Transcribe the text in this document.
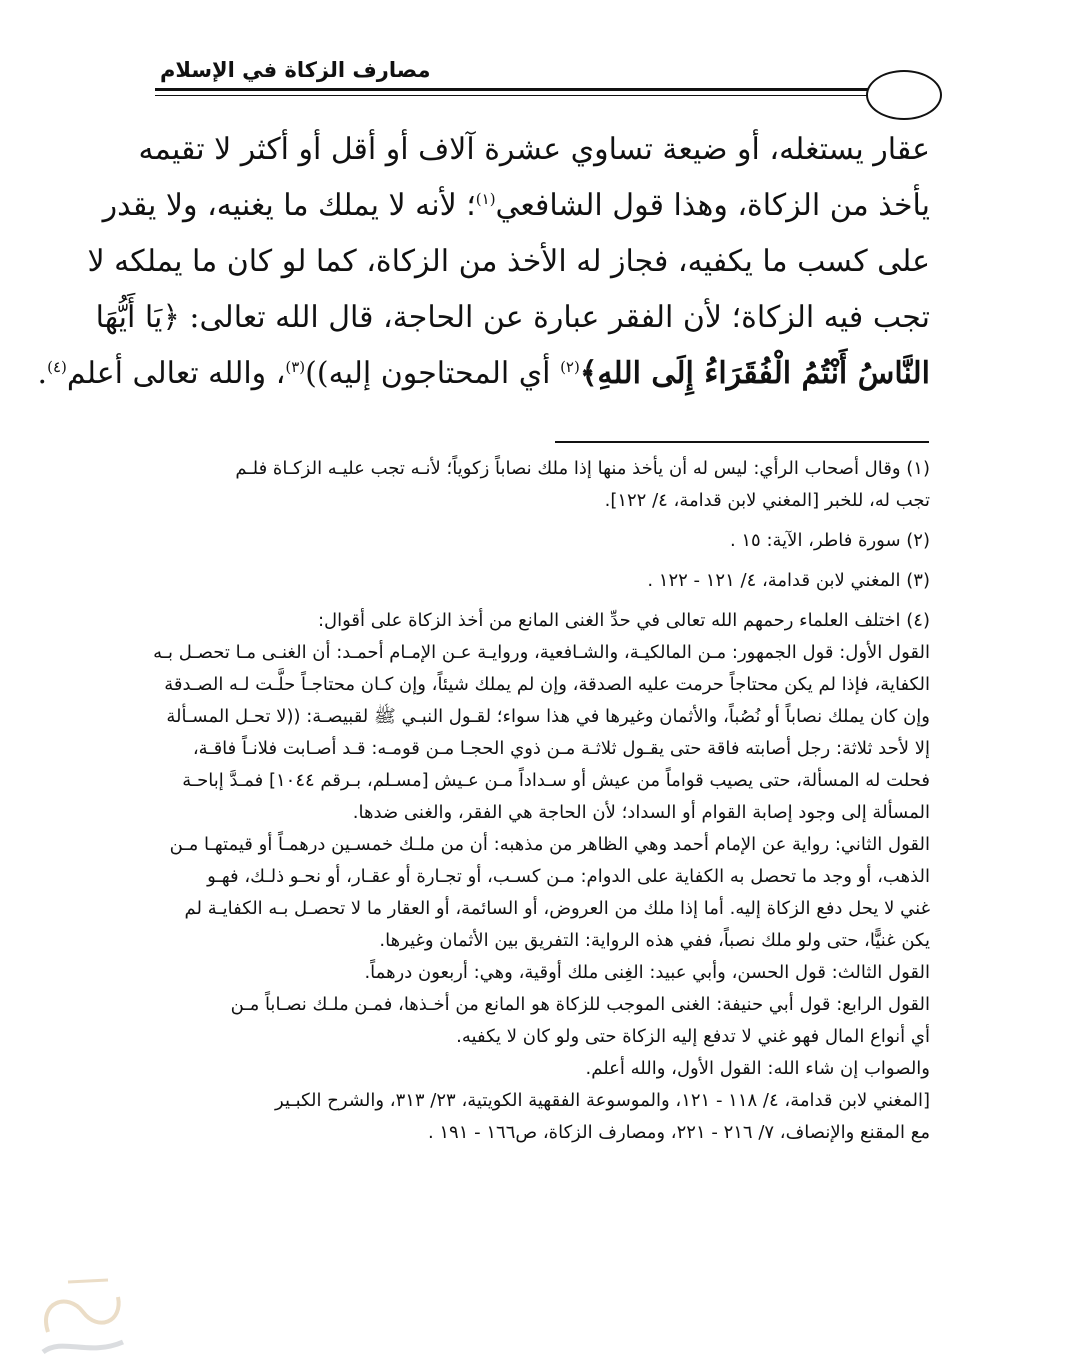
مصارف الزكاة في الإسلام
عقار يستغله، أو ضيعة تساوي عشرة آلاف أو أقل أو أكثر لا تقيمه
يأخذ من الزكاة، وهذا قول الشافعي$^{(١)}$؛ لأنه لا يملك ما يغنيه، ولا يقدر
على كسب ما يكفيه، فجاز له الأخذ من الزكاة، كما لو كان ما يملكه لا
تجب فيه الزكاة؛ لأن الفقر عبارة عن الحاجة، قال الله تعالى: ﴿يَا أَيُّهَا
النَّاسُ أَنْتُمُ الْفُقَرَاءُ إِلَى اللهِ﴾$^{(٢)}$ أي المحتاجون إليه))$^{(٣)}$، والله تعالى أعلم$^{(٤)}$.
(١) وقال أصحاب الرأي: ليس له أن يأخذ منها إذا ملك نصاباً زكوياً؛ لأنـه تجب عليـه الزكـاة فلـم
تجب له، للخبر [المغني لابن قدامة، ٤/ ١٢٢].
(٢) سورة فاطر، الآية: ١٥ .
(٣) المغني لابن قدامة، ٤/ ١٢١ - ١٢٢ .
(٤) اختلف العلماء رحمهم الله تعالى في حدِّ الغنى المانع من أخذ الزكاة على أقوال:
القول الأول: قول الجمهور: مـن المالكيـة، والشـافعية، وروايـة عـن الإمـام أحمـد: أن الغنـى مـا تحصـل بـه
الكفاية، فإذا لم يكن محتاجاً حرمت عليه الصدقة، وإن لم يملك شيئاً، وإن كـان محتاجـاً حلَّـت لـه الصـدقة
وإن كان يملك نصاباً أو نُصُباً، والأثمان وغيرها في هذا سواء؛ لقـول النبـي ﷺ لقبيصـة: ((لا تحـل المسـألة
إلا لأحد ثلاثة: رجل أصابته فاقة حتى يقـول ثلاثـة مـن ذوي الحجـا مـن قومـه: قـد أصـابت فلانـاً فاقـة،
فحلت له المسألة، حتى يصيب قواماً من عيش أو سـداداً مـن عـيش [مسـلم، بـرقم ١٠٤٤] فمـدَّ إباحـة
المسألة إلى وجود إصابة القوام أو السداد؛ لأن الحاجة هي الفقر، والغنى ضدها.
القول الثاني: رواية عن الإمام أحمد وهي الظاهر من مذهبه: أن من ملـك خمسـين درهمـاً أو قيمتهـا مـن
الذهب، أو وجد ما تحصل به الكفاية على الدوام: مـن كسـب، أو تجـارة أو عقـار، أو نحـو ذلـك، فهـو
غني لا يحل دفع الزكاة إليه. أما إذا ملك من العروض، أو السائمة، أو العقار ما لا تحصـل بـه الكفايـة لم
يكن غنيًّا، حتى ولو ملك نصباً، ففي هذه الرواية: التفريق بين الأثمان وغيرها.
القول الثالث: قول الحسن، وأبي عبيد: الغِنى ملك أوقية، وهي: أربعون درهماً.
القول الرابع: قول أبي حنيفة: الغنى الموجب للزكاة هو المانع من أخـذها، فمـن ملـك نصـاباً مـن
أي أنواع المال فهو غني لا تدفع إليه الزكاة حتى ولو كان لا يكفيه.
والصواب إن شاء الله: القول الأول، والله أعلم.
[المغني لابن قدامة، ٤/ ١١٨ - ١٢١، والموسوعة الفقهية الكويتية، ٢٣/ ٣١٣، والشرح الكبـير
مع المقنع والإنصاف، ٧/ ٢١٦ - ٢٢١، ومصارف الزكاة، ص١٦٦ - ١٩١ .
